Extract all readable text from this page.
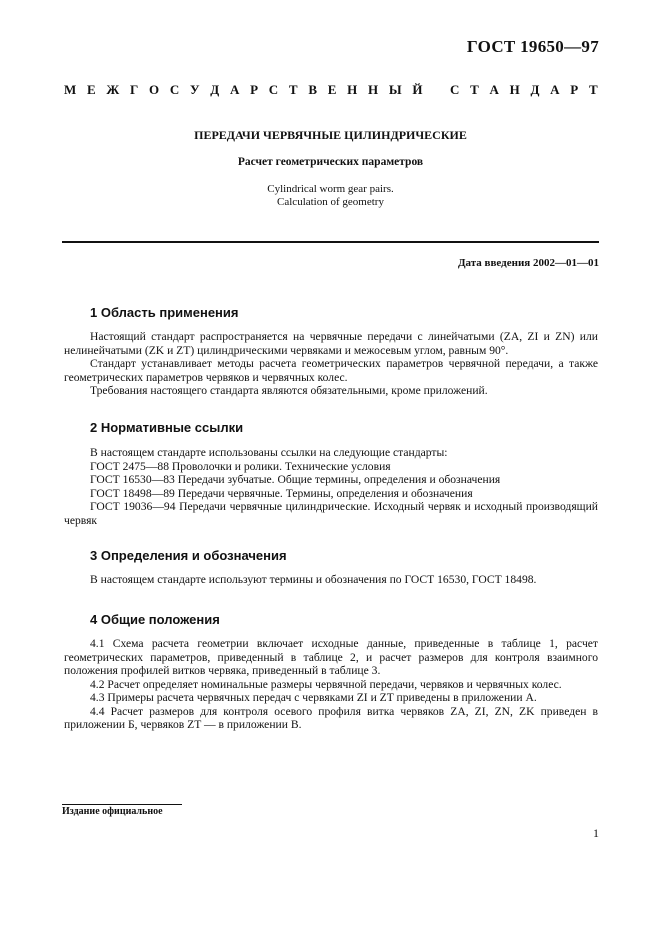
ГОСТ 19650—97
М Е Ж Г О С У Д А Р С Т В Е Н Н Ы Й С Т А Н Д А Р Т
ПЕРЕДАЧИ ЧЕРВЯЧНЫЕ ЦИЛИНДРИЧЕСКИЕ
Расчет геометрических параметров
Cylindrical worm gear pairs.
Calculation of geometry
Дата введения 2002—01—01
1 Область применения

Настоящий стандарт распространяется на червячные передачи с линейчатыми (ZA, ZI и ZN) или нелинейчатыми (ZK и ZT) цилиндрическими червяками и межосевым углом, равным 90°.

Стандарт устанавливает методы расчета геометрических параметров червячной передачи, а также геометрических параметров червяков и червячных колес.

Требования настоящего стандарта являются обязательными, кроме приложений.

2 Нормативные ссылки

В настоящем стандарте использованы ссылки на следующие стандарты:

ГОСТ 2475—88 Проволочки и ролики. Технические условия

ГОСТ 16530—83 Передачи зубчатые. Общие термины, определения и обозначения

ГОСТ 18498—89 Передачи червячные. Термины, определения и обозначения

ГОСТ 19036—94 Передачи червячные цилиндрические. Исходный червяк и исходный производящий червяк

3 Определения и обозначения

В настоящем стандарте используют термины и обозначения по ГОСТ 16530, ГОСТ 18498.

4 Общие положения

4.1 Схема расчета геометрии включает исходные данные, приведенные в таблице 1, расчет геометрических параметров, приведенный в таблице 2, и расчет размеров для контроля взаимного положения профилей витков червяка, приведенный в таблице 3.

4.2 Расчет определяет номинальные размеры червячной передачи, червяков и червячных колес.

4.3 Примеры расчета червячных передач с червяками ZI и ZT приведены в приложении А.

4.4 Расчет размеров для контроля осевого профиля витка червяков ZA, ZI, ZN, ZK приведен в приложении Б, червяков ZT — в приложении В.

Издание официальное
1
